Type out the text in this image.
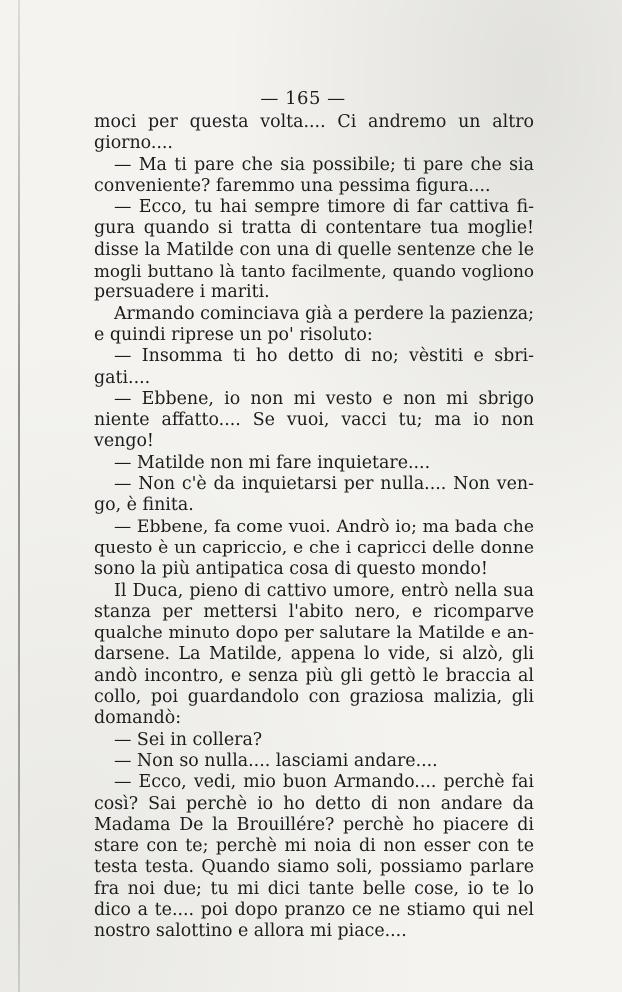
— 165 —
moci per questa volta.... Ci andremo un altro
giorno....
— Ma ti pare che sia possibile; ti pare che sia
conveniente? faremmo una pessima figura....
— Ecco, tu hai sempre timore di far cattiva fi-
gura quando si tratta di contentare tua moglie!
disse la Matilde con una di quelle sentenze che le
mogli buttano là tanto facilmente, quando vogliono
persuadere i mariti.
Armando cominciava già a perdere la pazienza;
e quindi riprese un po' risoluto:
— Insomma ti ho detto di no; vèstiti e sbri-
gati....
— Ebbene, io non mi vesto e non mi sbrigo
niente affatto.... Se vuoi, vacci tu; ma io non
vengo!
— Matilde non mi fare inquietare....
— Non c'è da inquietarsi per nulla.... Non ven-
go, è finita.
— Ebbene, fa come vuoi. Andrò io; ma bada che
questo è un capriccio, e che i capricci delle donne
sono la più antipatica cosa di questo mondo!
Il Duca, pieno di cattivo umore, entrò nella sua
stanza per mettersi l'abito nero, e ricomparve
qualche minuto dopo per salutare la Matilde e an-
darsene. La Matilde, appena lo vide, si alzò, gli
andò incontro, e senza più gli gettò le braccia al
collo, poi guardandolo con graziosa malizia, gli
domandò:
— Sei in collera?
— Non so nulla.... lasciami andare....
— Ecco, vedi, mio buon Armando.... perchè fai
così? Sai perchè io ho detto di non andare da
Madama De la Brouillére? perchè ho piacere di
stare con te; perchè mi noia di non esser con te
testa testa. Quando siamo soli, possiamo parlare
fra noi due; tu mi dici tante belle cose, io te lo
dico a te.... poi dopo pranzo ce ne stiamo qui nel
nostro salottino e allora mi piace....
